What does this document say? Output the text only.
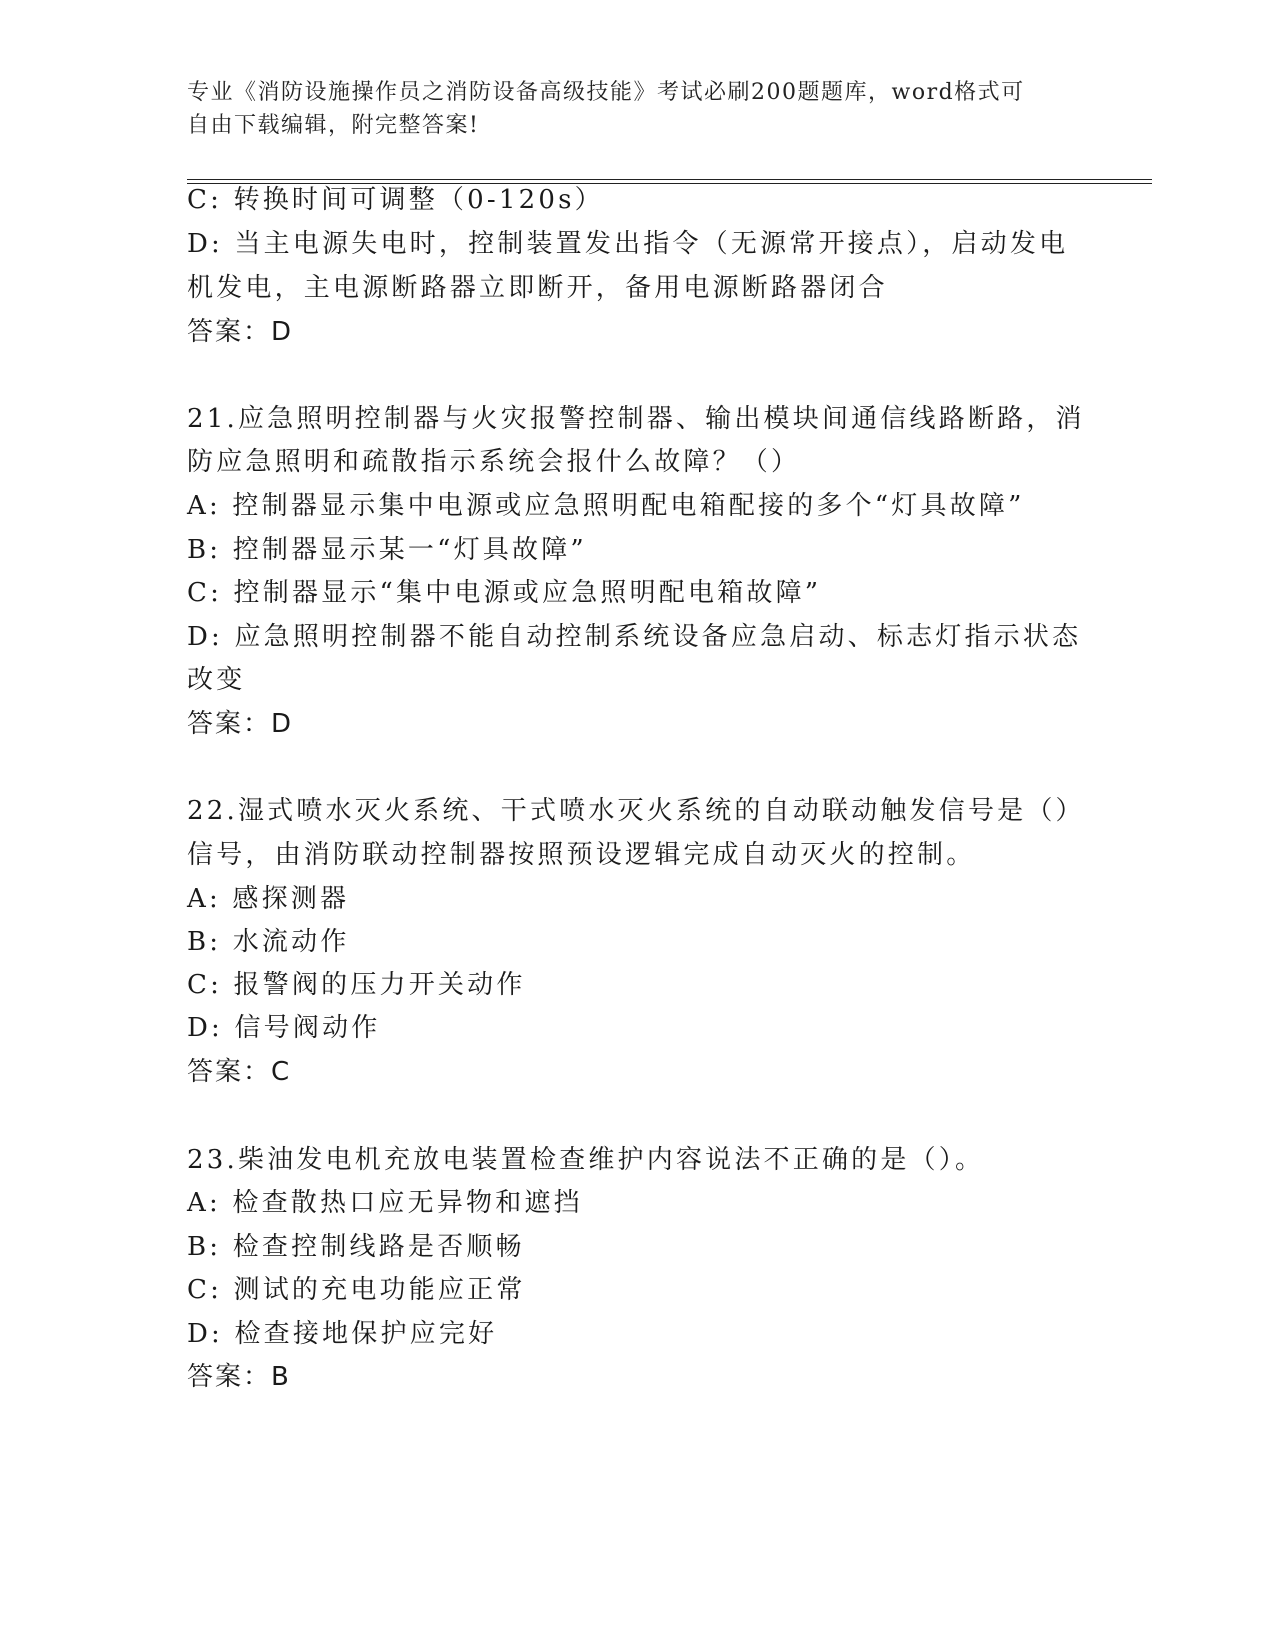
专业《消防设施操作员之消防设备高级技能》考试必刷200题题库，word格式可
自由下载编辑，附完整答案!
C: 转换时间可调整（0-120s）
D: 当主电源失电时，控制装置发出指令（无源常开接点），启动发电
机发电，主电源断路器立即断开，备用电源断路器闭合
答案：D
21.应急照明控制器与火灾报警控制器、输出模块间通信线路断路，消
防应急照明和疏散指示系统会报什么故障？（）
A: 控制器显示集中电源或应急照明配电箱配接的多个“灯具故障”
B: 控制器显示某一“灯具故障”
C: 控制器显示“集中电源或应急照明配电箱故障”
D: 应急照明控制器不能自动控制系统设备应急启动、标志灯指示状态
改变
答案：D
22.湿式喷水灭火系统、干式喷水灭火系统的自动联动触发信号是（）
信号，由消防联动控制器按照预设逻辑完成自动灭火的控制。
A: 感探测器
B: 水流动作
C: 报警阀的压力开关动作
D: 信号阀动作
答案：C
23.柴油发电机充放电装置检查维护内容说法不正确的是（）。
A: 检查散热口应无异物和遮挡
B: 检查控制线路是否顺畅
C: 测试的充电功能应正常
D: 检查接地保护应完好
答案：B
